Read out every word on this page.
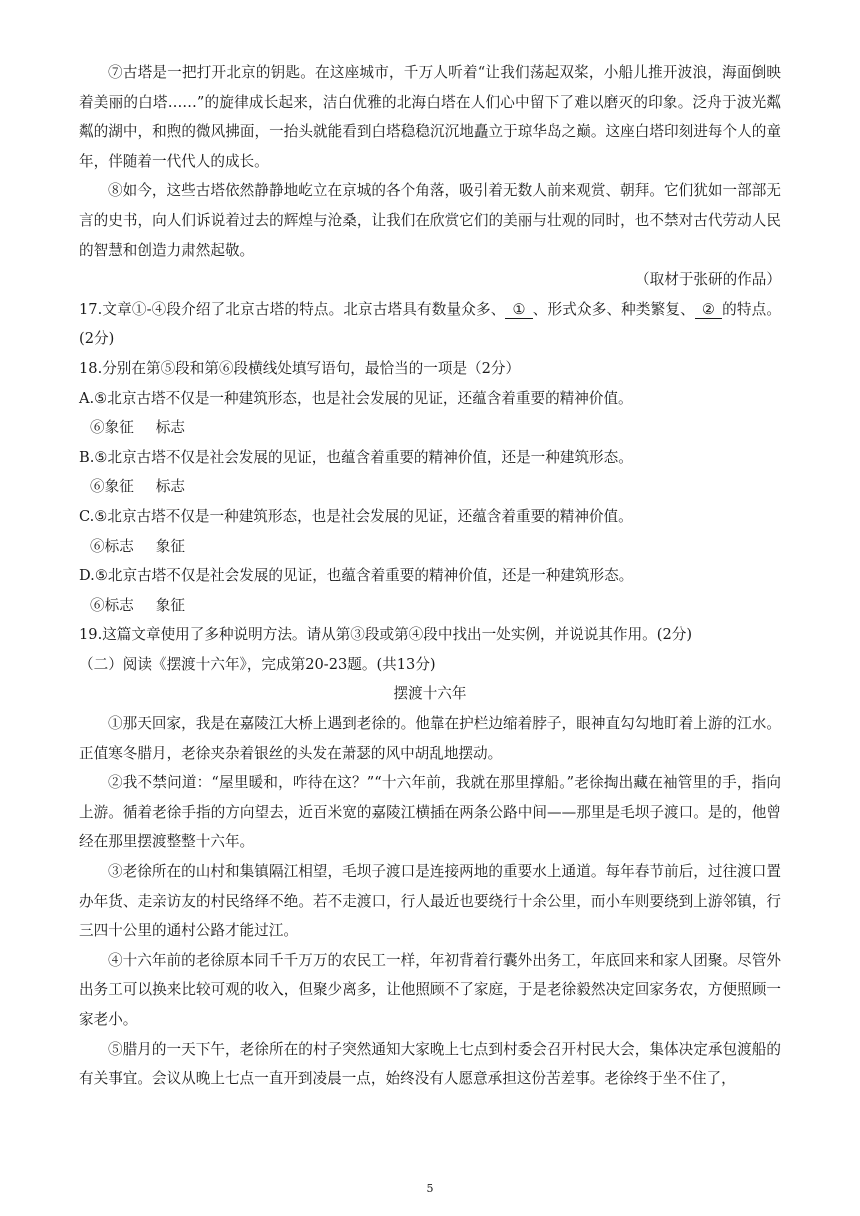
⑦古塔是一把打开北京的钥匙。在这座城市，千万人听着“让我们荡起双桨，小船儿推开波浪，海面倒映着美丽的白塔……”的旋律成长起来，洁白优雅的北海白塔在人们心中留下了难以磨灭的印象。泛舟于波光粼粼的湖中，和煦的微风拂面，一抬头就能看到白塔稳稳沉沉地矗立于琼华岛之巅。这座白塔印刻进每个人的童年，伴随着一代代人的成长。

⑧如今，这些古塔依然静静地屹立在京城的各个角落，吸引着无数人前来观赏、朝拜。它们犹如一部部无言的史书，向人们诉说着过去的辉煌与沧桑，让我们在欣赏它们的美丽与壮观的同时，也不禁对古代劳动人民的智慧和创造力肃然起敬。

（取材于张研的作品）

17.文章①-④段介绍了北京古塔的特点。北京古塔具有数量众多、 ① 、形式众多、种类繁复、 ② 的特点。(2分)

18.分别在第⑤段和第⑥段横线处填写语句，最恰当的一项是（2分）

A.⑤北京古塔不仅是一种建筑形态，也是社会发展的见证，还蕴含着重要的精神价值。

⑥象征 标志

B.⑤北京古塔不仅是社会发展的见证，也蕴含着重要的精神价值，还是一种建筑形态。

⑥象征 标志

C.⑤北京古塔不仅是一种建筑形态，也是社会发展的见证，还蕴含着重要的精神价值。

⑥标志 象征

D.⑤北京古塔不仅是社会发展的见证，也蕴含着重要的精神价值，还是一种建筑形态。

⑥标志 象征

19.这篇文章使用了多种说明方法。请从第③段或第④段中找出一处实例，并说说其作用。(2分)

（二）阅读《摆渡十六年》，完成第20-23题。(共13分)

摆渡十六年

①那天回家，我是在嘉陵江大桥上遇到老徐的。他靠在护栏边缩着脖子，眼神直勾勾地盯着上游的江水。正值寒冬腊月，老徐夹杂着银丝的头发在萧瑟的风中胡乱地摆动。

②我不禁问道：“屋里暖和，咋待在这？”“十六年前，我就在那里撑船。”老徐掏出藏在袖管里的手，指向上游。循着老徐手指的方向望去，近百米宽的嘉陵江横插在两条公路中间——那里是毛坝子渡口。是的，他曾经在那里摆渡整整十六年。

③老徐所在的山村和集镇隔江相望，毛坝子渡口是连接两地的重要水上通道。每年春节前后，过往渡口置办年货、走亲访友的村民络绎不绝。若不走渡口，行人最近也要绕行十余公里，而小车则要绕到上游邻镇，行三四十公里的通村公路才能过江。

④十六年前的老徐原本同千千万万的农民工一样，年初背着行囊外出务工，年底回来和家人团聚。尽管外出务工可以换来比较可观的收入，但聚少离多，让他照顾不了家庭，于是老徐毅然决定回家务农，方便照顾一家老小。

⑤腊月的一天下午，老徐所在的村子突然通知大家晚上七点到村委会召开村民大会，集体决定承包渡船的有关事宜。会议从晚上七点一直开到凌晨一点，始终没有人愿意承担这份苦差事。老徐终于坐不住了，

5
